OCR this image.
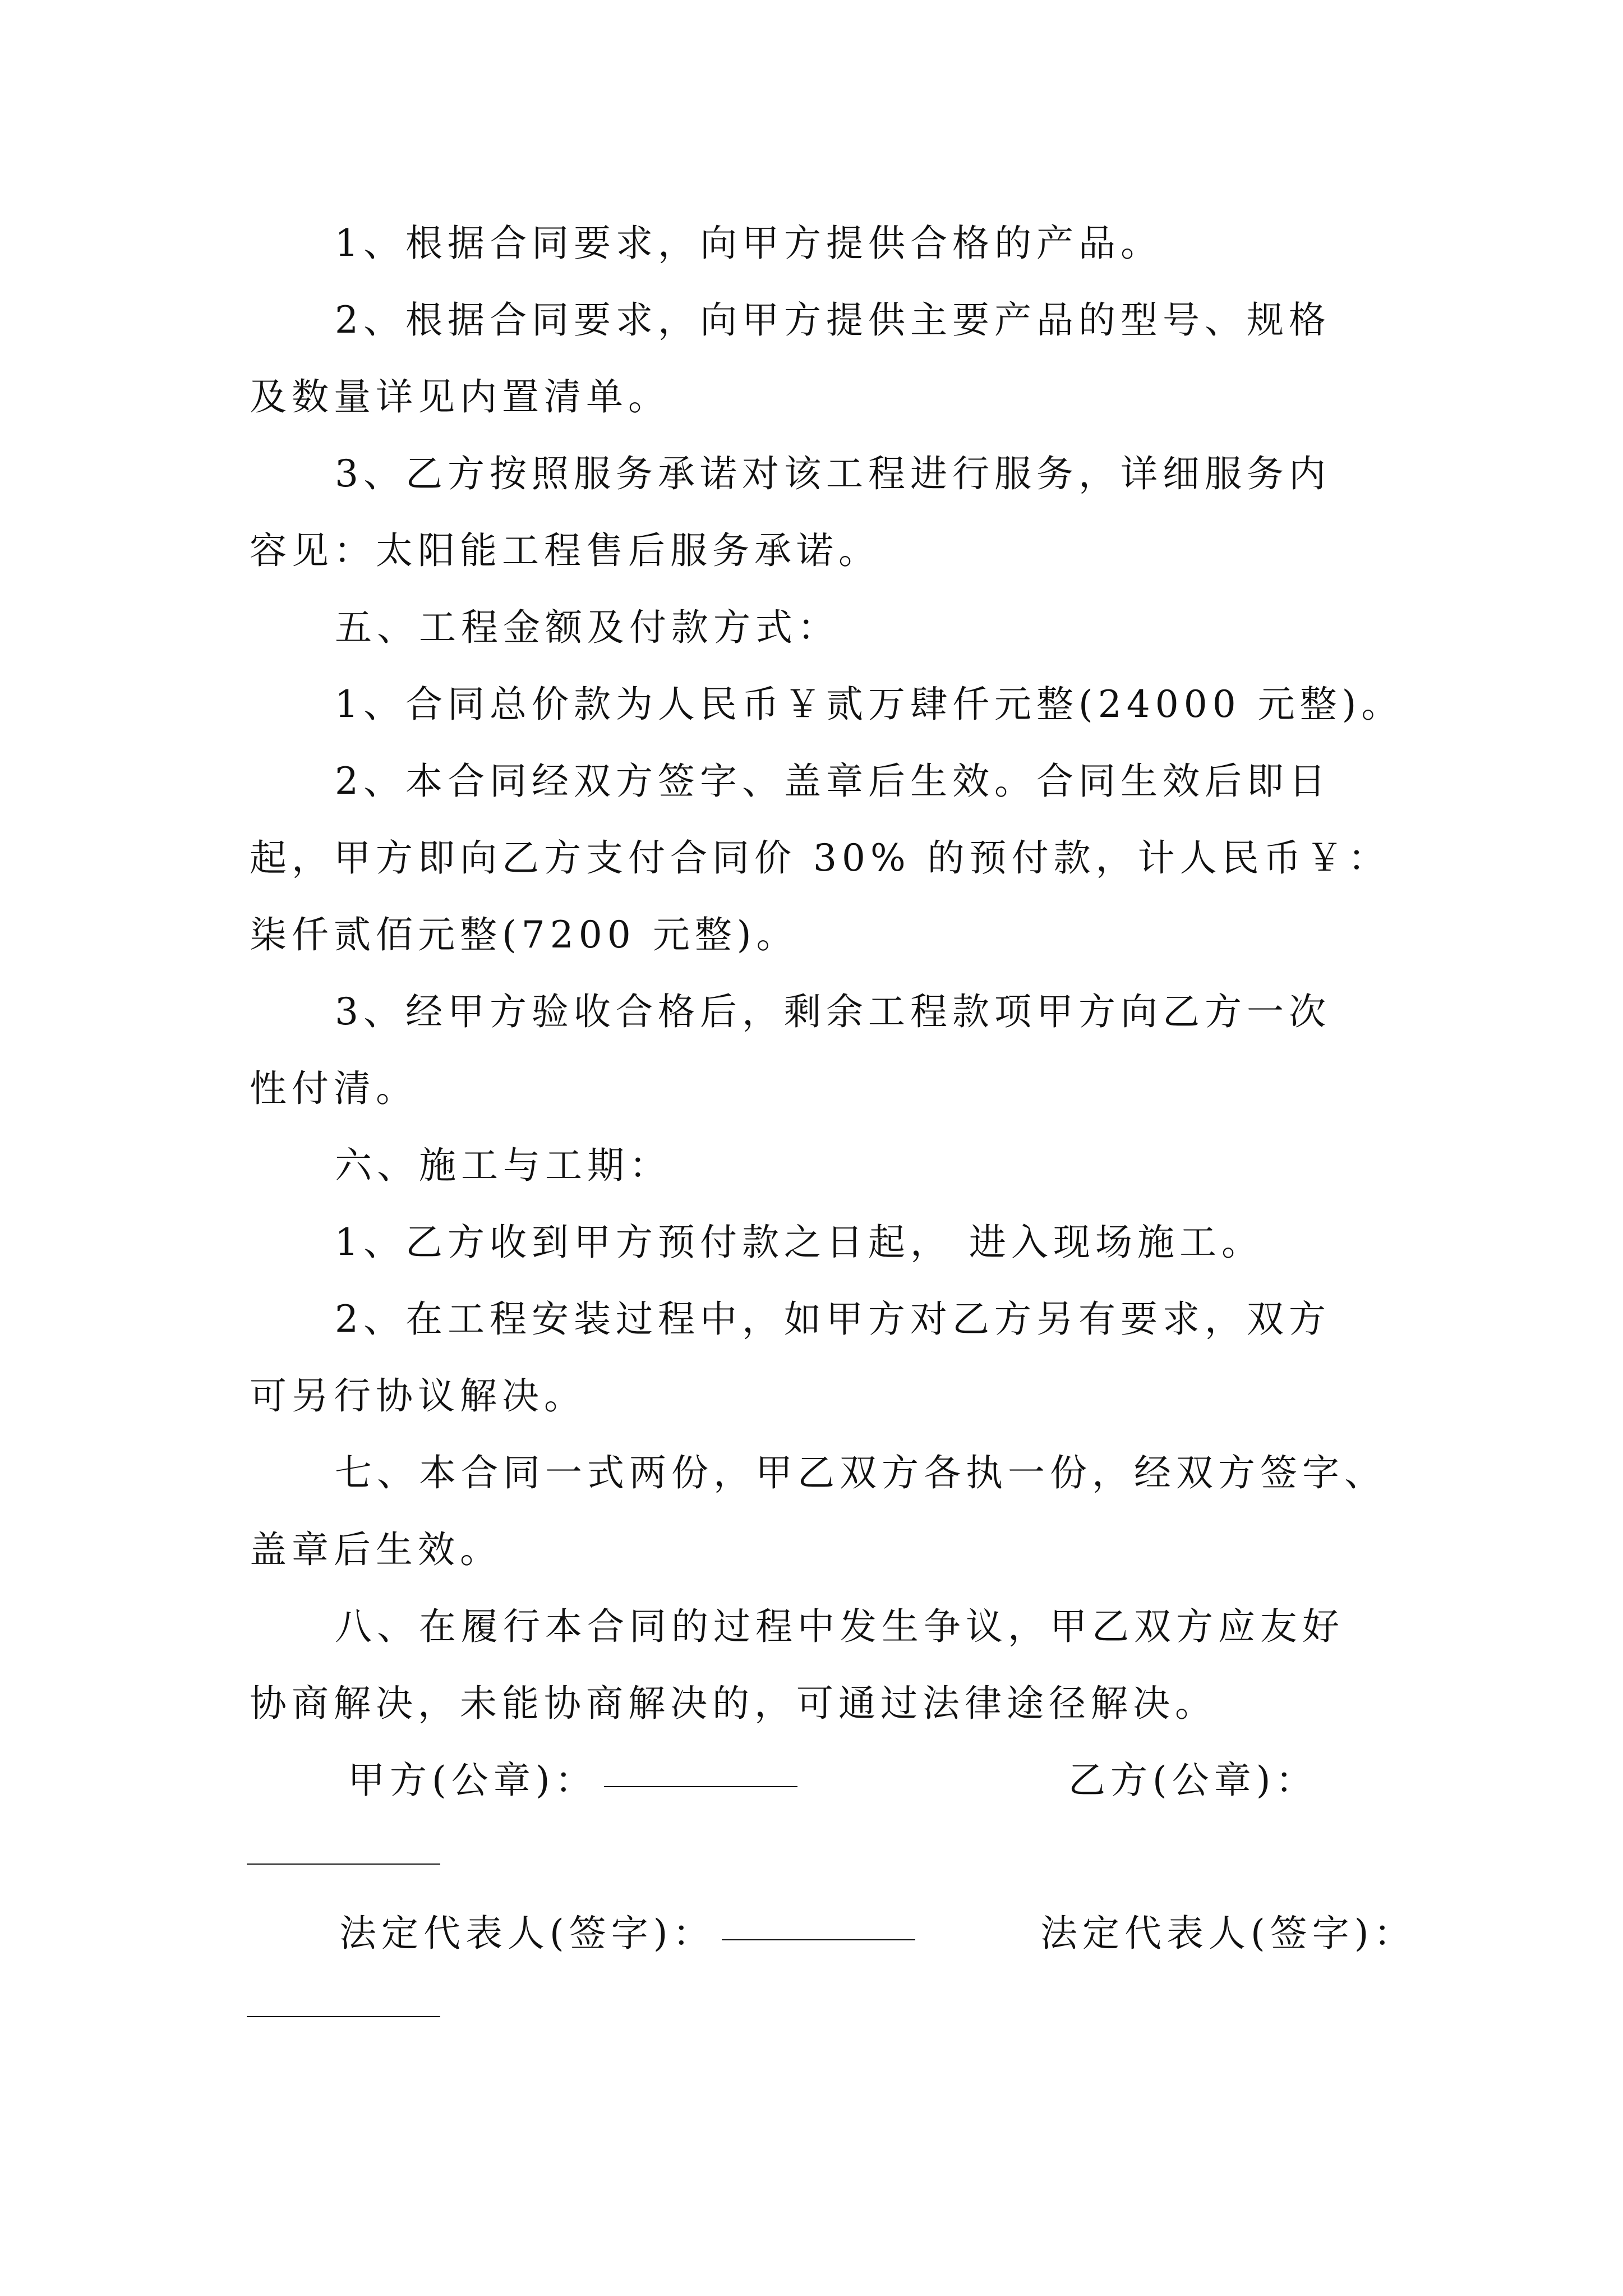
1、根据合同要求，向甲方提供合格的产品。

2、根据合同要求，向甲方提供主要产品的型号、规格
及数量详见内置清单。

3、乙方按照服务承诺对该工程进行服务，详细服务内
容见：太阳能工程售后服务承诺。

五、工程金额及付款方式：

1、合同总价款为人民币￥贰万肆仟元整(24000 元整)。

2、本合同经双方签字、盖章后生效。合同生效后即日
起，甲方即向乙方支付合同价 30% 的预付款，计人民币￥：
柒仟贰佰元整(7200 元整)。

3、经甲方验收合格后，剩余工程款项甲方向乙方一次
性付清。

六、施工与工期：

1、乙方收到甲方预付款之日起， 进入现场施工。

2、在工程安装过程中，如甲方对乙方另有要求，双方
可另行协议解决。

七、本合同一式两份，甲乙双方各执一份，经双方签字、
盖章后生效。

八、在履行本合同的过程中发生争议，甲乙双方应友好
协商解决，未能协商解决的，可通过法律途径解决。

甲方(公章)：	乙方(公章)：
法定代表人(签字)：	法定代表人(签字)：
